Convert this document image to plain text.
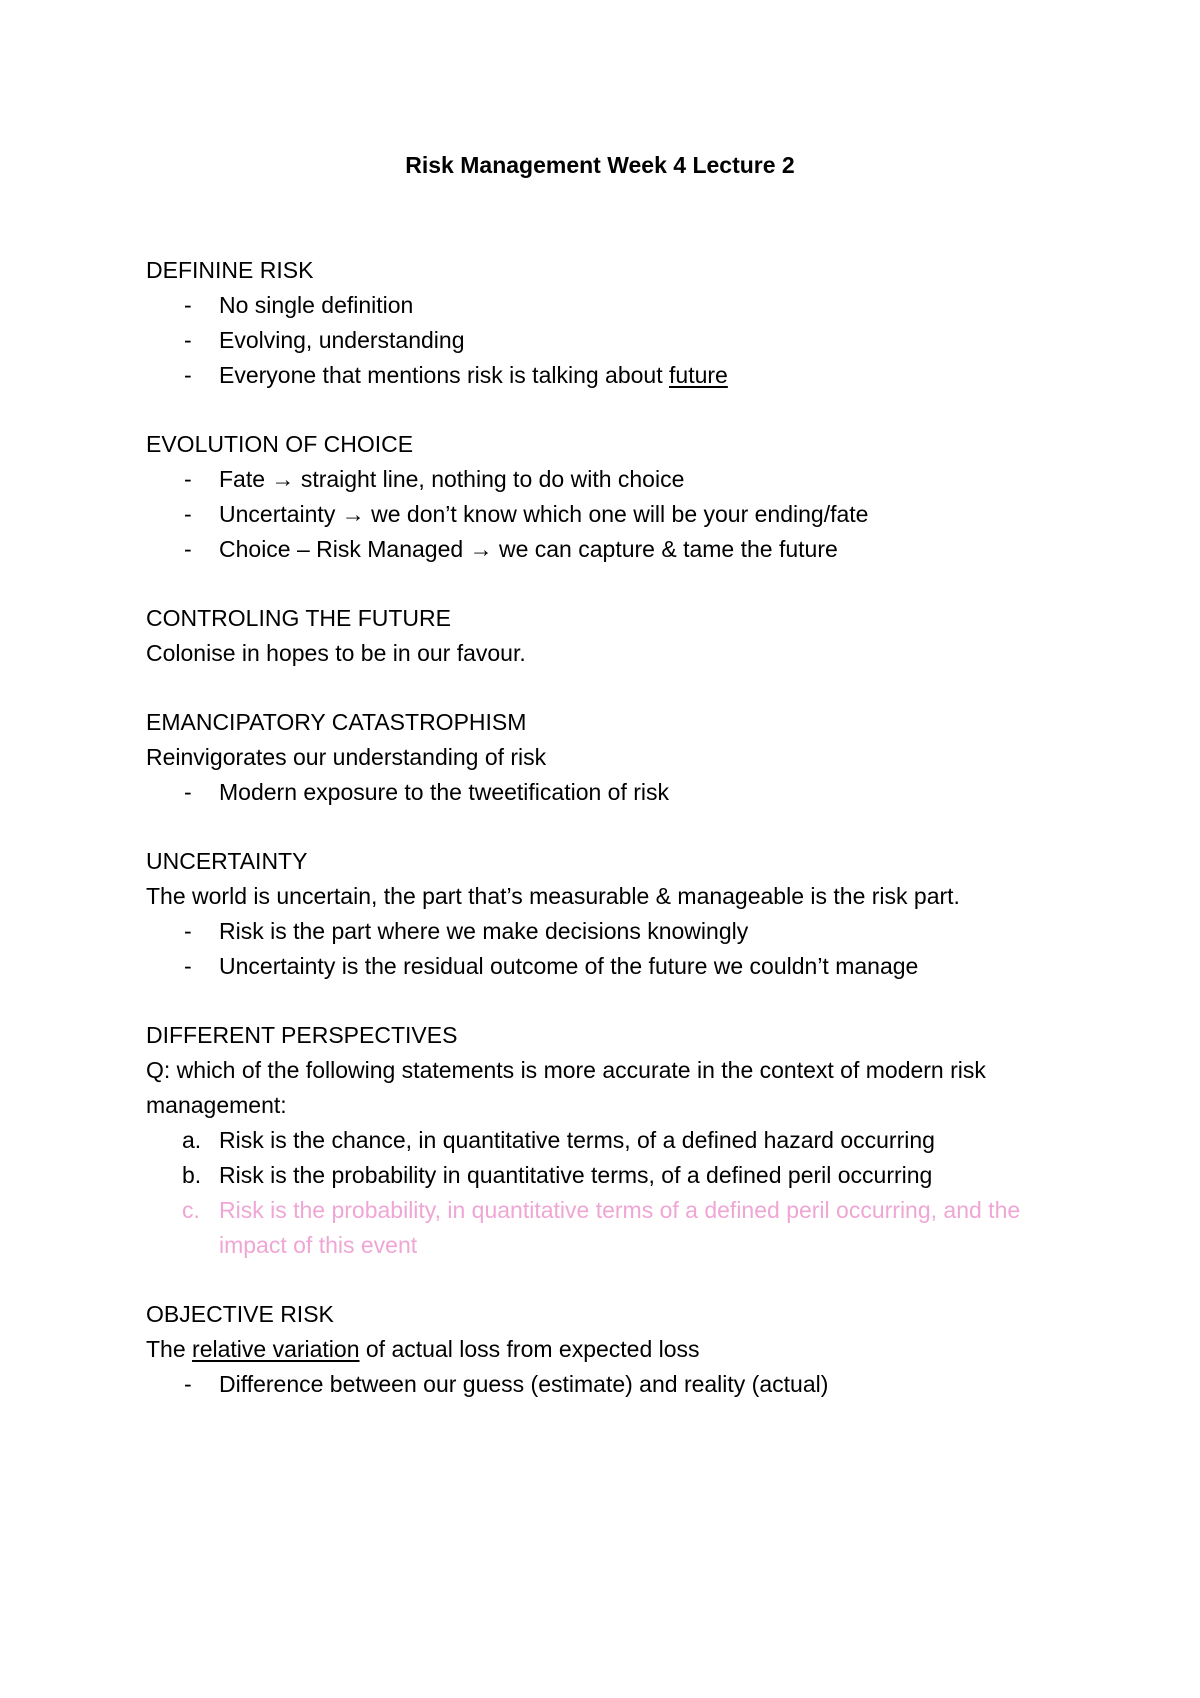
Risk Management Week 4 Lecture 2
DEFININE RISK
- No single definition
- Evolving, understanding
- Everyone that mentions risk is talking about future
EVOLUTION OF CHOICE
- Fate → straight line, nothing to do with choice
- Uncertainty → we don’t know which one will be your ending/fate
- Choice – Risk Managed → we can capture & tame the future
CONTROLING THE FUTURE
Colonise in hopes to be in our favour.
EMANCIPATORY CATASTROPHISM
Reinvigorates our understanding of risk
- Modern exposure to the tweetification of risk
UNCERTAINTY
The world is uncertain, the part that’s measurable & manageable is the risk part.
- Risk is the part where we make decisions knowingly
- Uncertainty is the residual outcome of the future we couldn’t manage
DIFFERENT PERSPECTIVES
Q: which of the following statements is more accurate in the context of modern risk management:
a. Risk is the chance, in quantitative terms, of a defined hazard occurring
b. Risk is the probability in quantitative terms, of a defined peril occurring
c. Risk is the probability, in quantitative terms of a defined peril occurring, and the impact of this event
OBJECTIVE RISK
The relative variation of actual loss from expected loss
- Difference between our guess (estimate) and reality (actual)
